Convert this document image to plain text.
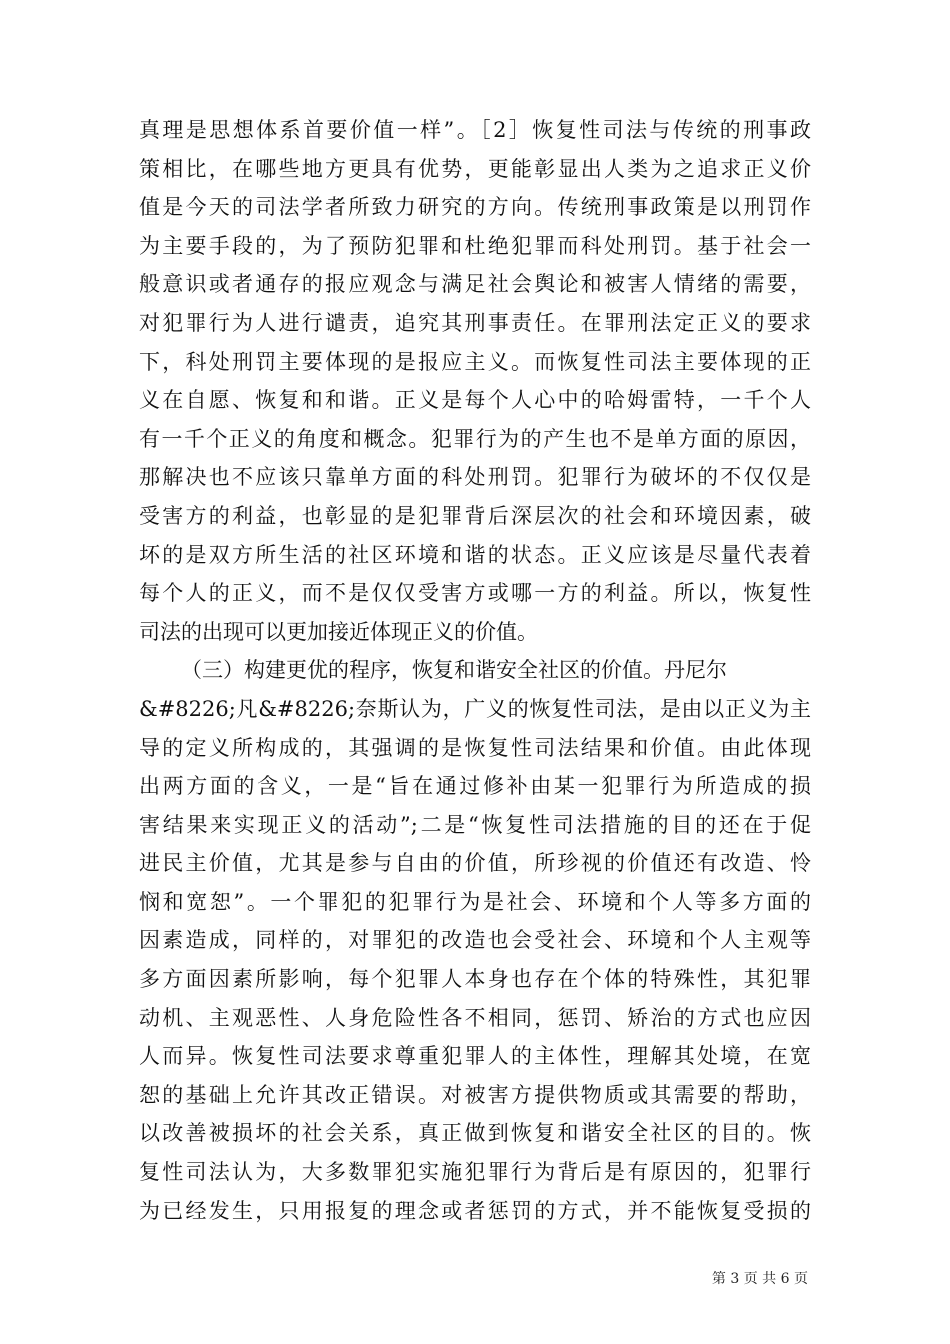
真理是思想体系首要价值一样”。［2］恢复性司法与传统的刑事政
策相比，在哪些地方更具有优势，更能彰显出人类为之追求正义价
值是今天的司法学者所致力研究的方向。传统刑事政策是以刑罚作
为主要手段的，为了预防犯罪和杜绝犯罪而科处刑罚。基于社会一
般意识或者通存的报应观念与满足社会舆论和被害人情绪的需要，
对犯罪行为人进行谴责，追究其刑事责任。在罪刑法定正义的要求
下，科处刑罚主要体现的是报应主义。而恢复性司法主要体现的正
义在自愿、恢复和和谐。正义是每个人心中的哈姆雷特，一千个人
有一千个正义的角度和概念。犯罪行为的产生也不是单方面的原因，
那解决也不应该只靠单方面的科处刑罚。犯罪行为破坏的不仅仅是
受害方的利益，也彰显的是犯罪背后深层次的社会和环境因素，破
坏的是双方所生活的社区环境和谐的状态。正义应该是尽量代表着
每个人的正义，而不是仅仅受害方或哪一方的利益。所以，恢复性
司法的出现可以更加接近体现正义的价值。
（三）构建更优的程序，恢复和谐安全社区的价值。丹尼尔
&#8226;凡&#8226;奈斯认为，广义的恢复性司法，是由以正义为主
导的定义所构成的，其强调的是恢复性司法结果和价值。由此体现
出两方面的含义，一是“旨在通过修补由某一犯罪行为所造成的损
害结果来实现正义的活动”;二是“恢复性司法措施的目的还在于促
进民主价值，尤其是参与自由的价值，所珍视的价值还有改造、怜
悯和宽恕”。一个罪犯的犯罪行为是社会、环境和个人等多方面的
因素造成，同样的，对罪犯的改造也会受社会、环境和个人主观等
多方面因素所影响，每个犯罪人本身也存在个体的特殊性，其犯罪
动机、主观恶性、人身危险性各不相同，惩罚、矫治的方式也应因
人而异。恢复性司法要求尊重犯罪人的主体性，理解其处境，在宽
恕的基础上允许其改正错误。对被害方提供物质或其需要的帮助，
以改善被损坏的社会关系，真正做到恢复和谐安全社区的目的。恢
复性司法认为，大多数罪犯实施犯罪行为背后是有原因的，犯罪行
为已经发生，只用报复的理念或者惩罚的方式，并不能恢复受损的
第 3 页 共 6 页
